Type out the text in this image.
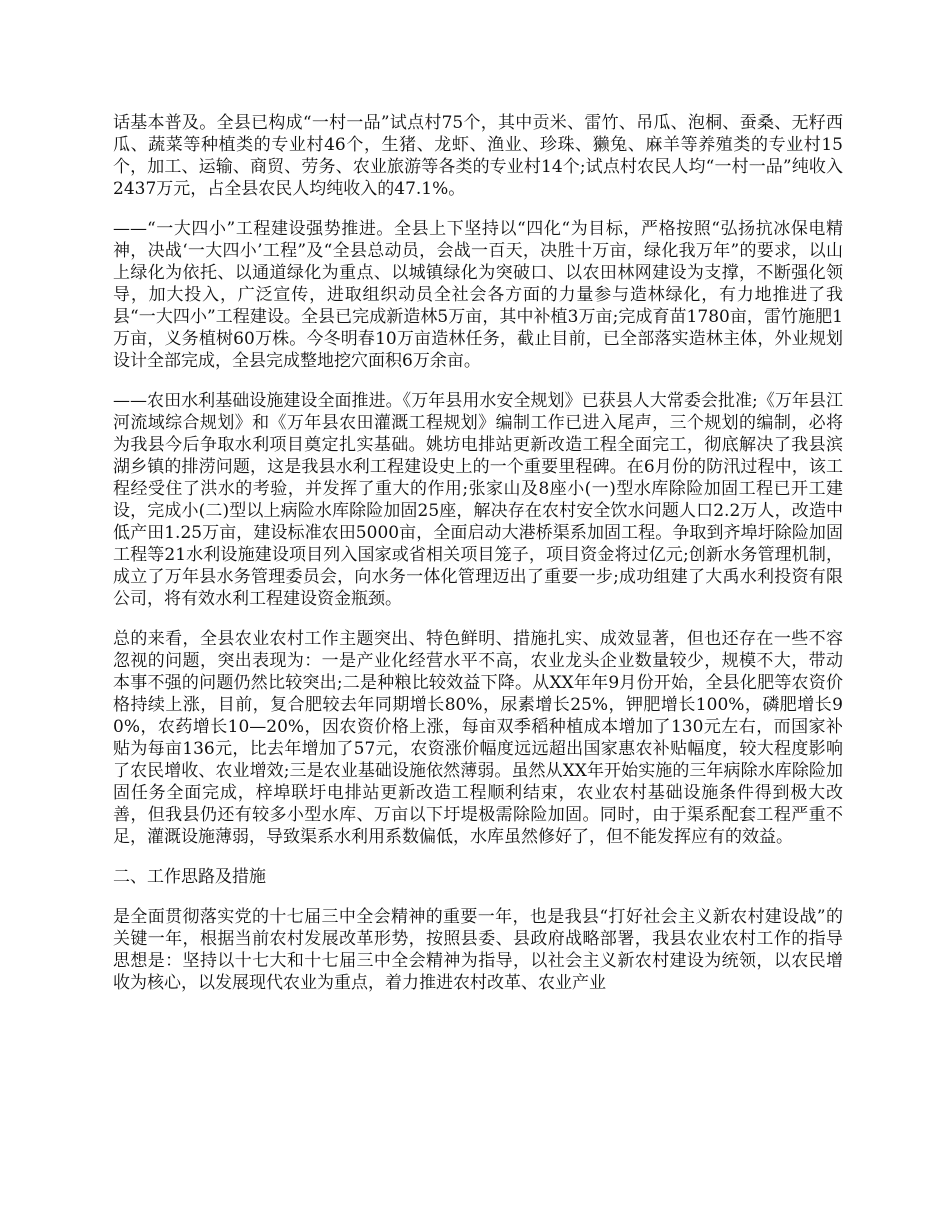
话基本普及。全县已构成“一村一品”试点村75个，其中贡米、雷竹、吊瓜、泡桐、蚕桑、无籽西瓜、蔬菜等种植类的专业村46个，生猪、龙虾、渔业、珍珠、獭兔、麻羊等养殖类的专业村15个，加工、运输、商贸、劳务、农业旅游等各类的专业村14个;试点村农民人均“一村一品”纯收入2437万元，占全县农民人均纯收入的47.1%。

——“一大四小”工程建设强势推进。全县上下坚持以“四化“为目标，严格按照“弘扬抗冰保电精神，决战‘一大四小’工程”及“全县总动员，会战一百天，决胜十万亩，绿化我万年”的要求，以山上绿化为依托、以通道绿化为重点、以城镇绿化为突破口、以农田林网建设为支撑，不断强化领导，加大投入，广泛宣传，进取组织动员全社会各方面的力量参与造林绿化，有力地推进了我县“一大四小”工程建设。全县已完成新造林5万亩，其中补植3万亩;完成育苗1780亩，雷竹施肥1万亩，义务植树60万株。今冬明春10万亩造林任务，截止目前，已全部落实造林主体，外业规划设计全部完成，全县完成整地挖穴面积6万余亩。

——农田水利基础设施建设全面推进。《万年县用水安全规划》已获县人大常委会批准;《万年县江河流域综合规划》和《万年县农田灌溉工程规划》编制工作已进入尾声，三个规划的编制，必将为我县今后争取水利项目奠定扎实基础。姚坊电排站更新改造工程全面完工，彻底解决了我县滨湖乡镇的排涝问题，这是我县水利工程建设史上的一个重要里程碑。在6月份的防汛过程中，该工程经受住了洪水的考验，并发挥了重大的作用;张家山及8座小(一)型水库除险加固工程已开工建设，完成小(二)型以上病险水库除险加固25座，解决存在农村安全饮水问题人口2.2万人，改造中低产田1.25万亩，建设标准农田5000亩，全面启动大港桥渠系加固工程。争取到齐埠圩除险加固工程等21水利设施建设项目列入国家或省相关项目笼子，项目资金将过亿元;创新水务管理机制，成立了万年县水务管理委员会，向水务一体化管理迈出了重要一步;成功组建了大禹水利投资有限公司，将有效水利工程建设资金瓶颈。

总的来看，全县农业农村工作主题突出、特色鲜明、措施扎实、成效显著，但也还存在一些不容忽视的问题，突出表现为：一是产业化经营水平不高，农业龙头企业数量较少，规模不大，带动本事不强的问题仍然比较突出;二是种粮比较效益下降。从XX年年9月份开始，全县化肥等农资价格持续上涨，目前，复合肥较去年同期增长80%，尿素增长25%，钾肥增长100%，磷肥增长90%，农药增长10—20%，因农资价格上涨，每亩双季稻种植成本增加了130元左右，而国家补贴为每亩136元，比去年增加了57元，农资涨价幅度远远超出国家惠农补贴幅度，较大程度影响了农民增收、农业增效;三是农业基础设施依然薄弱。虽然从XX年开始实施的三年病除水库除险加固任务全面完成，梓埠联圩电排站更新改造工程顺利结束，农业农村基础设施条件得到极大改善，但我县仍还有较多小型水库、万亩以下圩堤极需除险加固。同时，由于渠系配套工程严重不足，灌溉设施薄弱，导致渠系水利用系数偏低，水库虽然修好了，但不能发挥应有的效益。

二、工作思路及措施

是全面贯彻落实党的十七届三中全会精神的重要一年，也是我县“打好社会主义新农村建设战”的关键一年，根据当前农村发展改革形势，按照县委、县政府战略部署，我县农业农村工作的指导思想是：坚持以十七大和十七届三中全会精神为指导，以社会主义新农村建设为统领，以农民增收为核心，以发展现代农业为重点，着力推进农村改革、农业产业
